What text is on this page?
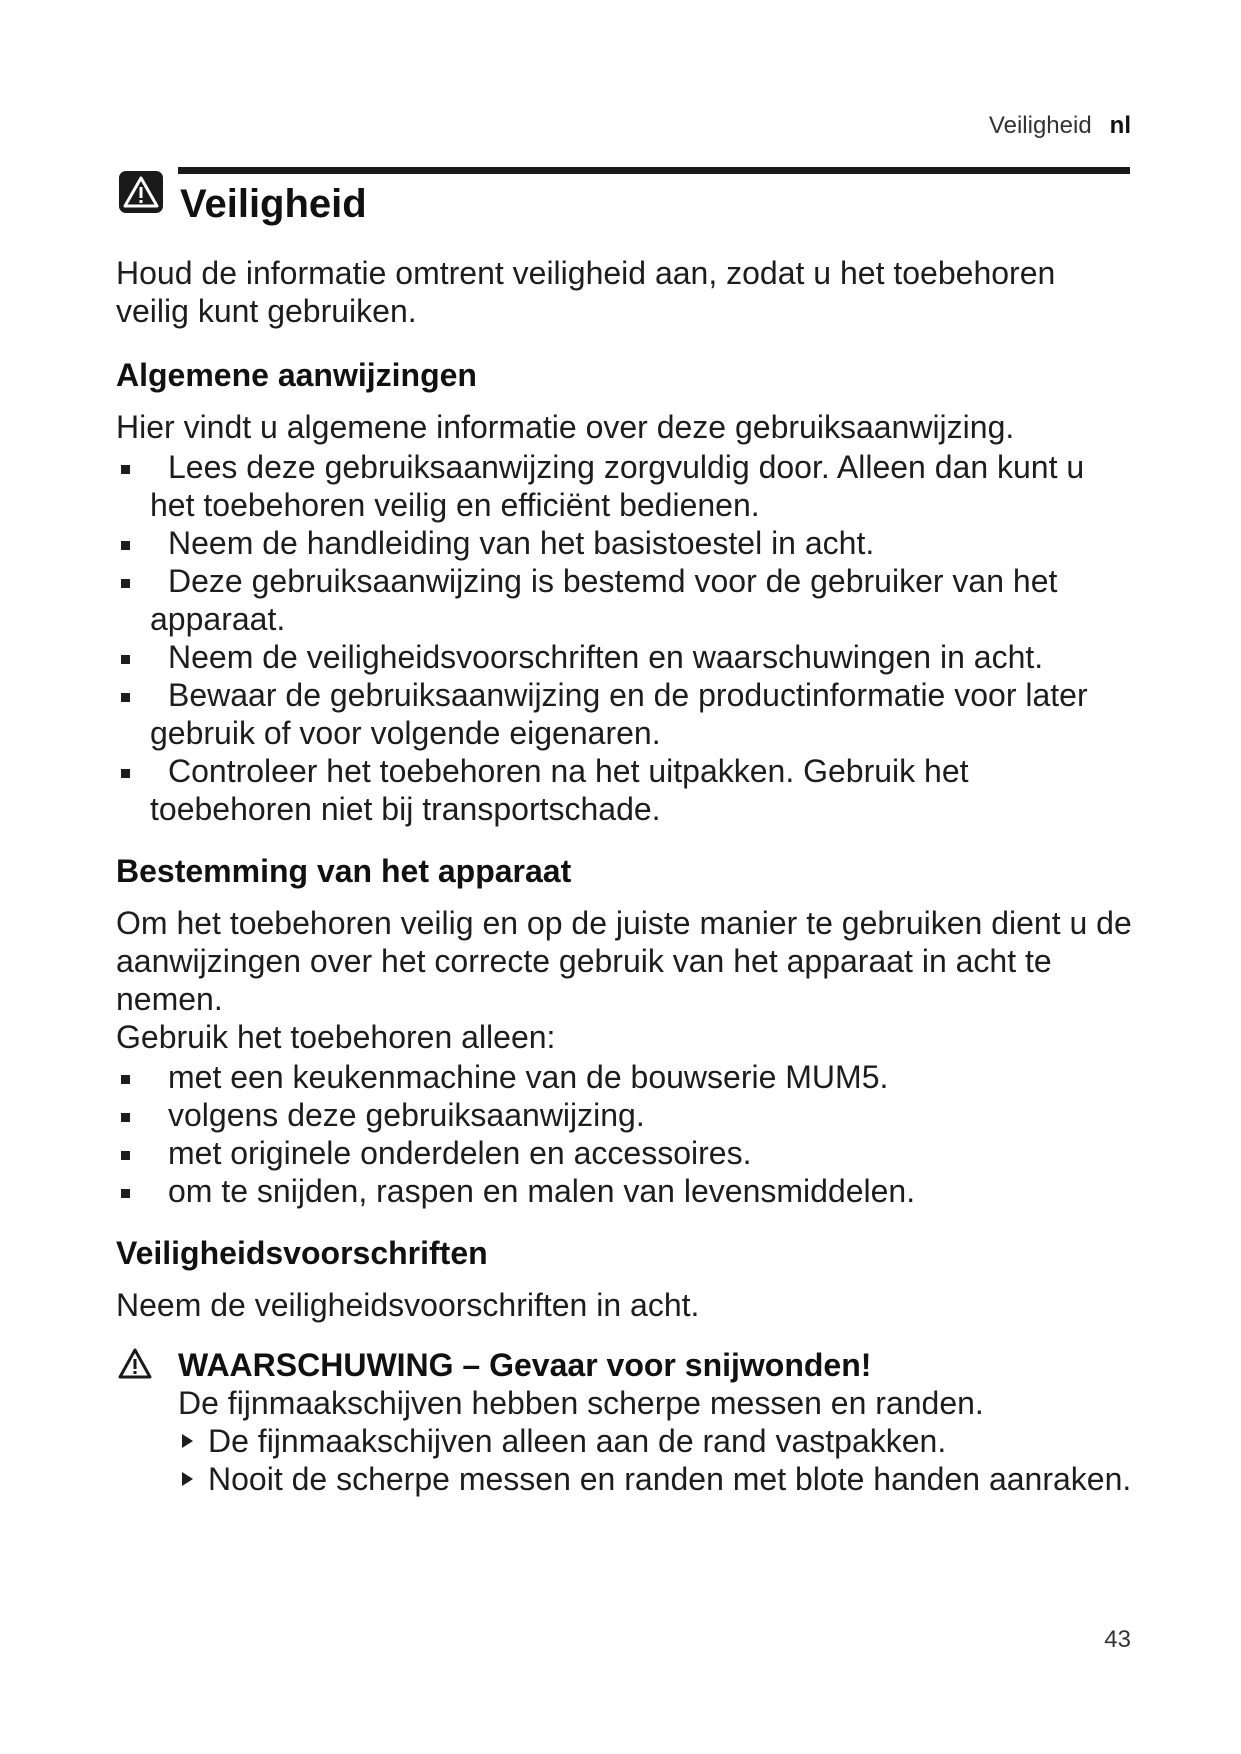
Veiligheid nl
Veiligheid

Houd de informatie omtrent veiligheid aan, zodat u het toebehoren veilig kunt gebruiken.

Algemene aanwijzingen

Hier vindt u algemene informatie over deze gebruiksaanwijzing.

Lees deze gebruiksaanwijzing zorgvuldig door. Alleen dan kunt u het toebehoren veilig en efficiënt bedienen.
Neem de handleiding van het basistoestel in acht.
Deze gebruiksaanwijzing is bestemd voor de gebruiker van het apparaat.
Neem de veiligheidsvoorschriften en waarschuwingen in acht.
Bewaar de gebruiksaanwijzing en de productinformatie voor later gebruik of voor volgende eigenaren.
Controleer het toebehoren na het uitpakken. Gebruik het toebehoren niet bij transportschade.
Bestemming van het apparaat

Om het toebehoren veilig en op de juiste manier te gebruiken dient u de aanwijzingen over het correcte gebruik van het apparaat in acht te nemen.

Gebruik het toebehoren alleen:

met een keukenmachine van de bouwserie MUM5.
volgens deze gebruiksaanwijzing.
met originele onderdelen en accessoires.
om te snijden, raspen en malen van levensmiddelen.
Veiligheidsvoorschriften

Neem de veiligheidsvoorschriften in acht.

WAARSCHUWING – Gevaar voor snijwonden!

De fijnmaakschijven hebben scherpe messen en randen.

De fijnmaakschijven alleen aan de rand vastpakken.
Nooit de scherpe messen en randen met blote handen aanraken.
43
